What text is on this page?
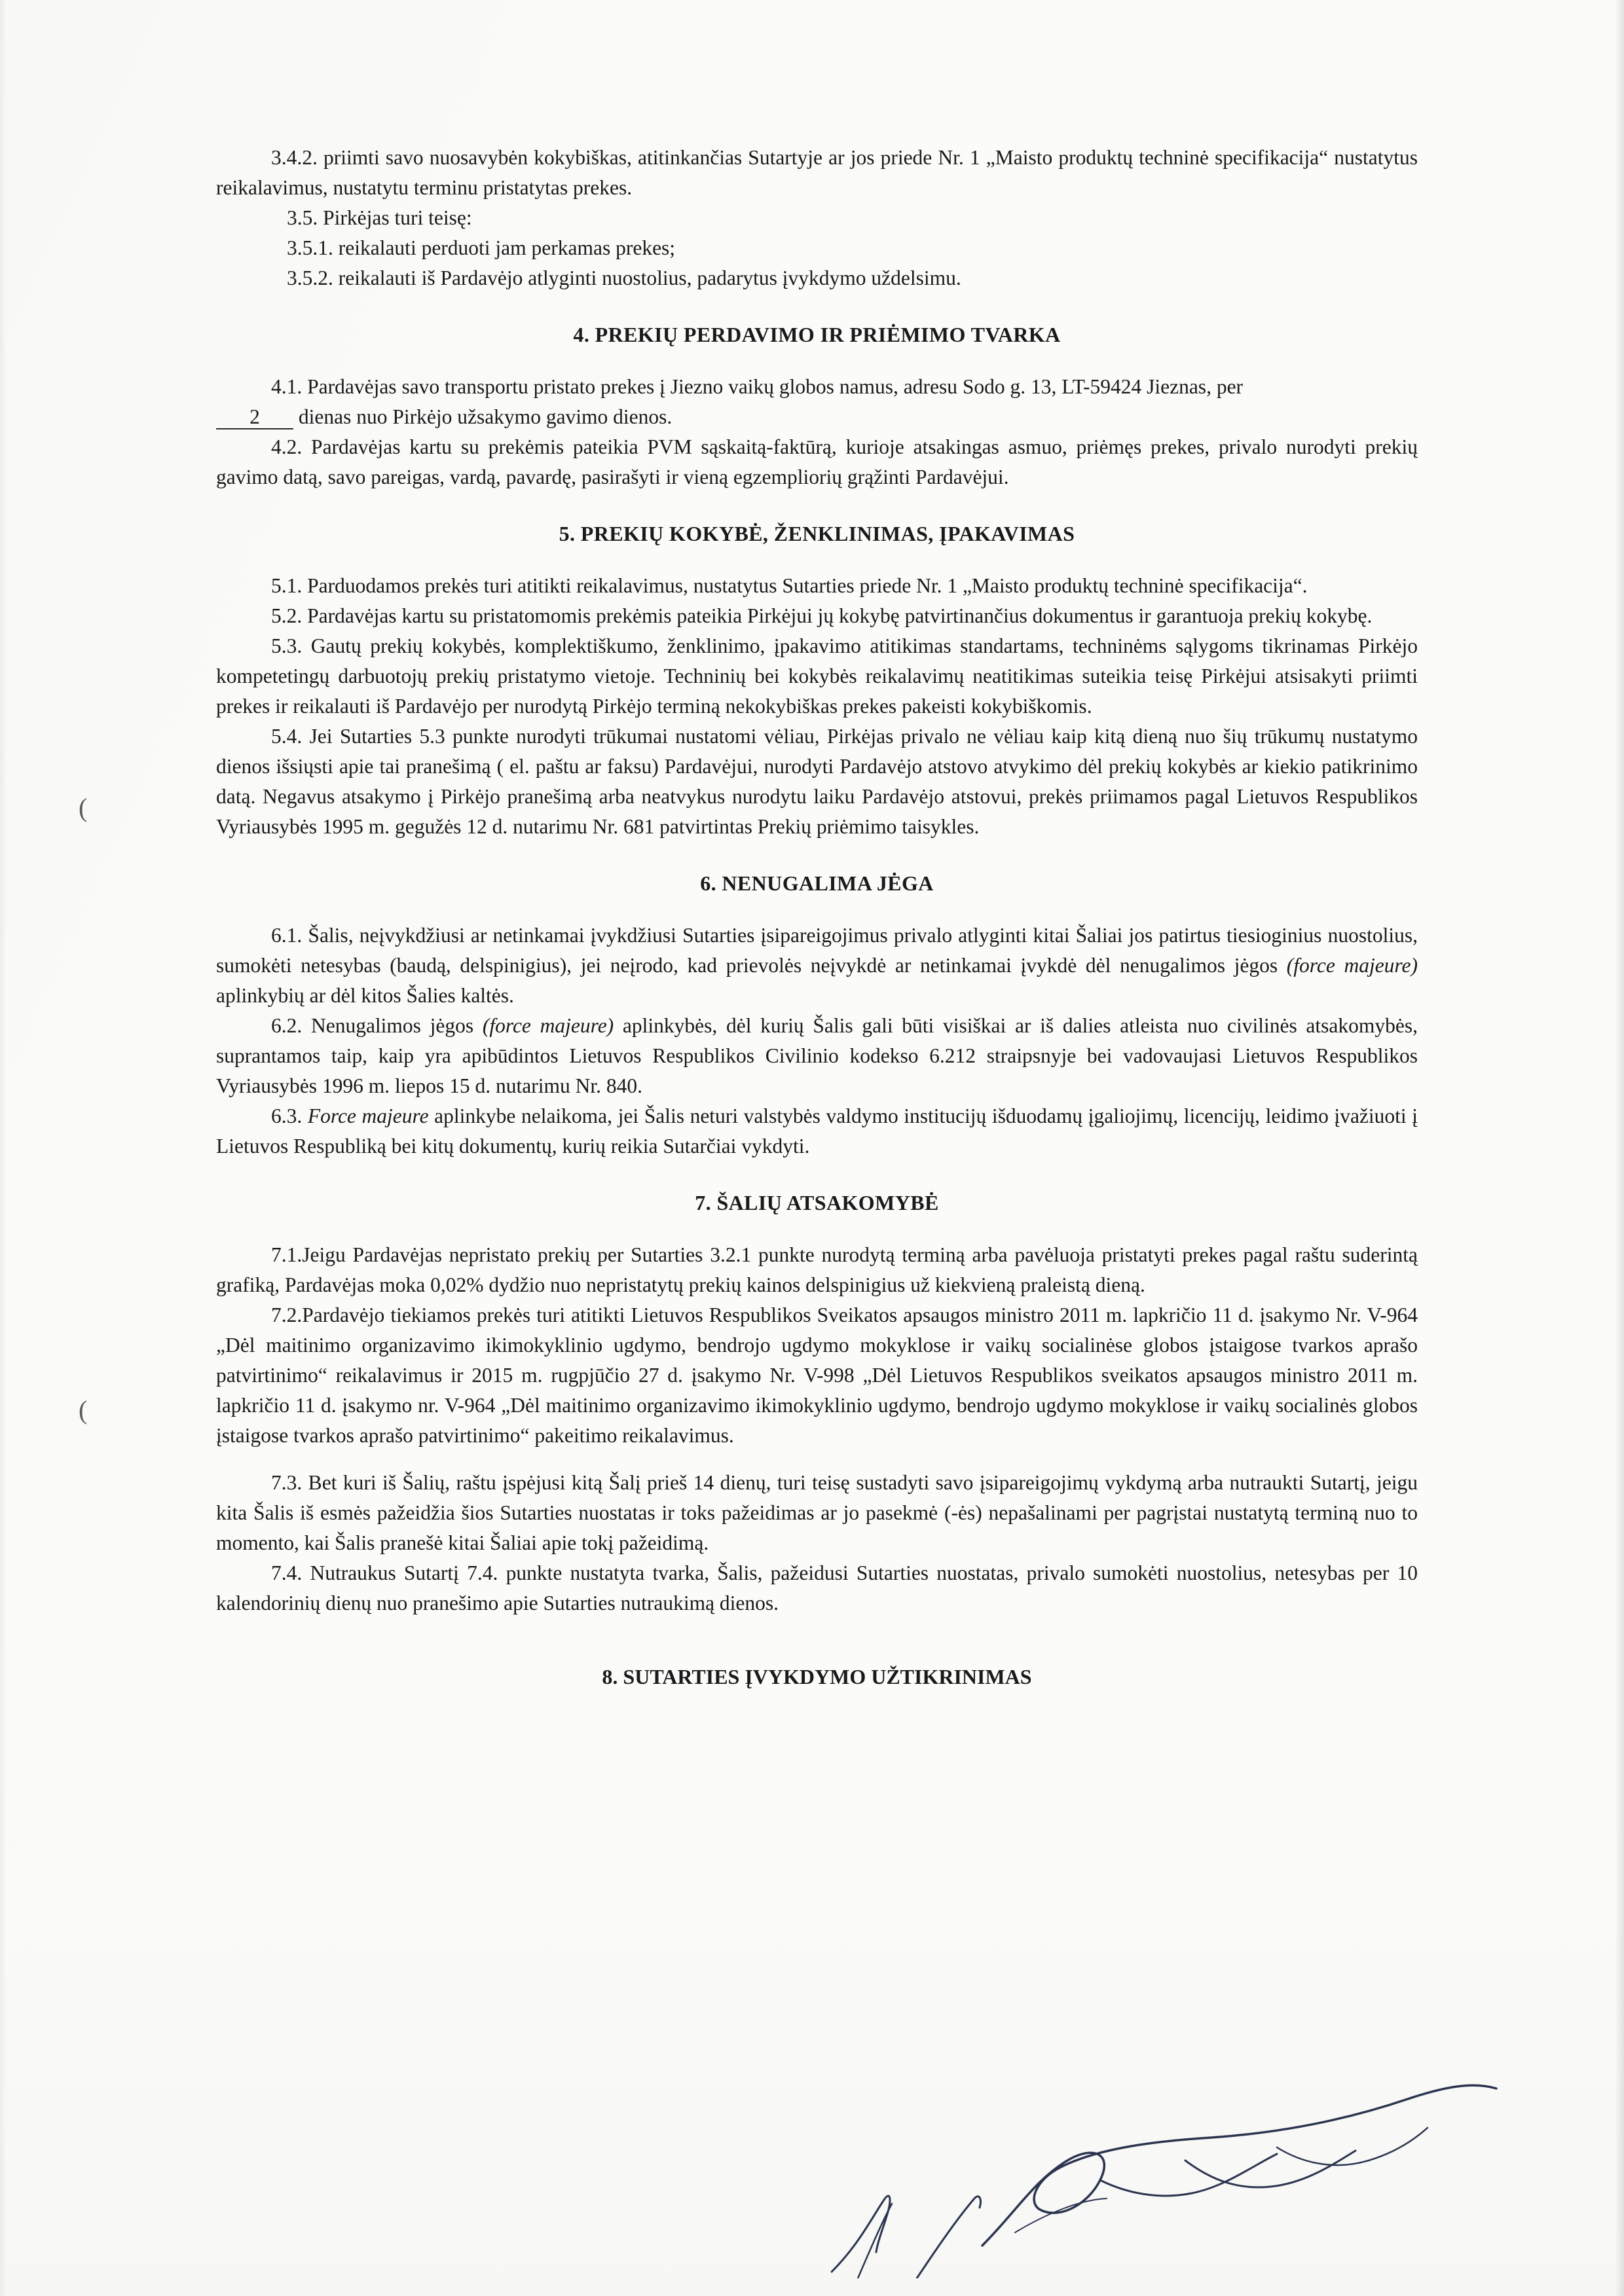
(
(

3.4.2. priimti savo nuosavybėn kokybiškas, atitinkančias Sutartyje ar jos priede Nr. 1 „Maisto produktų techninė specifikacija“ nustatytus reikalavimus, nustatytu terminu pristatytas prekes.

3.5. Pirkėjas turi teisę:

3.5.1. reikalauti perduoti jam perkamas prekes;

3.5.2. reikalauti iš Pardavėjo atlyginti nuostolius, padarytus įvykdymo uždelsimu.

4. PREKIŲ PERDAVIMO IR PRIĖMIMO TVARKA

4.1. Pardavėjas savo transportu pristato prekes į Jiezno vaikų globos namus, adresu Sodo g. 13, LT-59424 Jieznas, per

2 dienas nuo Pirkėjo užsakymo gavimo dienos.

4.2. Pardavėjas kartu su prekėmis pateikia PVM sąskaitą-faktūrą, kurioje atsakingas asmuo, priėmęs prekes, privalo nurodyti prekių gavimo datą, savo pareigas, vardą, pavardę, pasirašyti ir vieną egzempliorių grąžinti Pardavėjui.

5. PREKIŲ KOKYBĖ, ŽENKLINIMAS, ĮPAKAVIMAS

5.1. Parduodamos prekės turi atitikti reikalavimus, nustatytus Sutarties priede Nr. 1 „Maisto produktų techninė specifikacija“.

5.2. Pardavėjas kartu su pristatomomis prekėmis pateikia Pirkėjui jų kokybę patvirtinančius dokumentus ir garantuoja prekių kokybę.

5.3. Gautų prekių kokybės, komplektiškumo, ženklinimo, įpakavimo atitikimas standartams, techninėms sąlygoms tikrinamas Pirkėjo kompetetingų darbuotojų prekių pristatymo vietoje. Techninių bei kokybės reikalavimų neatitikimas suteikia teisę Pirkėjui atsisakyti priimti prekes ir reikalauti iš Pardavėjo per nurodytą Pirkėjo terminą nekokybiškas prekes pakeisti kokybiškomis.

5.4. Jei Sutarties 5.3 punkte nurodyti trūkumai nustatomi vėliau, Pirkėjas privalo ne vėliau kaip kitą dieną nuo šių trūkumų nustatymo dienos išsiųsti apie tai pranešimą ( el. paštu ar faksu) Pardavėjui, nurodyti Pardavėjo atstovo atvykimo dėl prekių kokybės ar kiekio patikrinimo datą. Negavus atsakymo į Pirkėjo pranešimą arba neatvykus nurodytu laiku Pardavėjo atstovui, prekės priimamos pagal Lietuvos Respublikos Vyriausybės 1995 m. gegužės 12 d. nutarimu Nr. 681 patvirtintas Prekių priėmimo taisykles.

6. NENUGALIMA JĖGA

6.1. Šalis, neįvykdžiusi ar netinkamai įvykdžiusi Sutarties įsipareigojimus privalo atlyginti kitai Šaliai jos patirtus tiesioginius nuostolius, sumokėti netesybas (baudą, delspinigius), jei neįrodo, kad prievolės neįvykdė ar netinkamai įvykdė dėl nenugalimos jėgos (force majeure) aplinkybių ar dėl kitos Šalies kaltės.

6.2. Nenugalimos jėgos (force majeure) aplinkybės, dėl kurių Šalis gali būti visiškai ar iš dalies atleista nuo civilinės atsakomybės, suprantamos taip, kaip yra apibūdintos Lietuvos Respublikos Civilinio kodekso 6.212 straipsnyje bei vadovaujasi Lietuvos Respublikos Vyriausybės 1996 m. liepos 15 d. nutarimu Nr. 840.

6.3. Force majeure aplinkybe nelaikoma, jei Šalis neturi valstybės valdymo institucijų išduodamų įgaliojimų, licencijų, leidimo įvažiuoti į Lietuvos Respubliką bei kitų dokumentų, kurių reikia Sutarčiai vykdyti.

7. ŠALIŲ ATSAKOMYBĖ

7.1.Jeigu Pardavėjas nepristato prekių per Sutarties 3.2.1 punkte nurodytą terminą arba pavėluoja pristatyti prekes pagal raštu suderintą grafiką, Pardavėjas moka 0,02% dydžio nuo nepristatytų prekių kainos delspinigius už kiekvieną praleistą dieną.

7.2.Pardavėjo tiekiamos prekės turi atitikti Lietuvos Respublikos Sveikatos apsaugos ministro 2011 m. lapkričio 11 d. įsakymo Nr. V-964 „Dėl maitinimo organizavimo ikimokyklinio ugdymo, bendrojo ugdymo mokyklose ir vaikų socialinėse globos įstaigose tvarkos aprašo patvirtinimo“ reikalavimus ir 2015 m. rugpjūčio 27 d. įsakymo Nr. V-998 „Dėl Lietuvos Respublikos sveikatos apsaugos ministro 2011 m. lapkričio 11 d. įsakymo nr. V-964 „Dėl maitinimo organizavimo ikimokyklinio ugdymo, bendrojo ugdymo mokyklose ir vaikų socialinės globos įstaigose tvarkos aprašo patvirtinimo“ pakeitimo reikalavimus.

7.3. Bet kuri iš Šalių, raštu įspėjusi kitą Šalį prieš 14 dienų, turi teisę sustadyti savo įsipareigojimų vykdymą arba nutraukti Sutartį, jeigu kita Šalis iš esmės pažeidžia šios Sutarties nuostatas ir toks pažeidimas ar jo pasekmė (-ės) nepašalinami per pagrįstai nustatytą terminą nuo to momento, kai Šalis pranešė kitai Šaliai apie tokį pažeidimą.

7.4. Nutraukus Sutartį 7.4. punkte nustatyta tvarka, Šalis, pažeidusi Sutarties nuostatas, privalo sumokėti nuostolius, netesybas per 10 kalendorinių dienų nuo pranešimo apie Sutarties nutraukimą dienos.

8. SUTARTIES ĮVYKDYMO UŽTIKRINIMAS
